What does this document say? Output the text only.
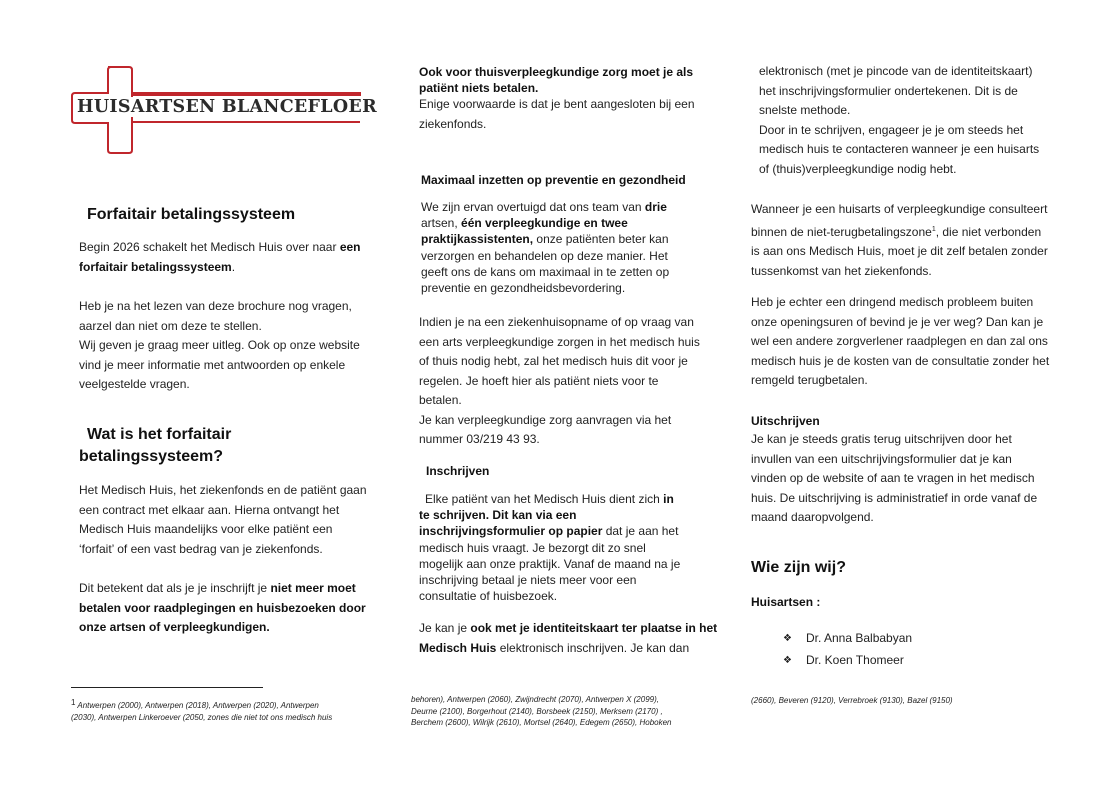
HUISARTSEN BLANCEFLOER
Forfaitair betalingssysteem

Begin 2026 schakelt het Medisch Huis over naar een
forfaitair betalingssysteem.

Heb je na het lezen van deze brochure nog vragen,
aarzel dan niet om deze te stellen.
Wij geven je graag meer uitleg. Ook op onze website
vind je meer informatie met antwoorden op enkele
veelgestelde vragen.

Wat is het forfaitair
betalingssysteem?

Het Medisch Huis, het ziekenfonds en de patiënt gaan
een contract met elkaar aan. Hierna ontvangt het
Medisch Huis maandelijks voor elke patiënt een
‘forfait’ of een vast bedrag van je ziekenfonds.

Dit betekent dat als je je inschrijft je niet meer moet
betalen voor raadplegingen en huisbezoeken door
onze artsen of verpleegkundigen.

$^1$ Antwerpen (2000), Antwerpen (2018), Antwerpen (2020), Antwerpen
(2030), Antwerpen Linkeroever (2050, zones die niet tot ons medisch huis

Ook voor thuisverpleegkundige zorg moet je als
patiënt niets betalen.

Enige voorwaarde is dat je bent aangesloten bij een
ziekenfonds.

Maximaal inzetten op preventie en gezondheid

We zijn ervan overtuigd dat ons team van drie
artsen, één verpleegkundige en twee
praktijkassistenten, onze patiënten beter kan
verzorgen en behandelen op deze manier. Het
geeft ons de kans om maximaal in te zetten op
preventie en gezondheidsbevordering.

Indien je na een ziekenhuisopname of op vraag van
een arts verpleegkundige zorgen in het medisch huis
of thuis nodig hebt, zal het medisch huis dit voor je
regelen. Je hoeft hier als patiënt niets voor te
betalen.
Je kan verpleegkundige zorg aanvragen via het
nummer 03/219 43 93.

Inschrijven

Elke patiënt van het Medisch Huis dient zich in
te schrijven. Dit kan via een
inschrijvingsformulier op papier dat je aan het
medisch huis vraagt. Je bezorgt dit zo snel
mogelijk aan onze praktijk. Vanaf de maand na je
inschrijving betaal je niets meer voor een
consultatie of huisbezoek.

Je kan je ook met je identiteitskaart ter plaatse in het
Medisch Huis elektronisch inschrijven. Je kan dan

behoren), Antwerpen (2060), Zwijndrecht (2070), Antwerpen X (2099),
Deurne (2100), Borgerhout (2140), Borsbeek (2150), Merksem (2170) ,
Berchem (2600), Wilrijk (2610), Mortsel (2640), Edegem (2650), Hoboken

elektronisch (met je pincode van de identiteitskaart)
het inschrijvingsformulier ondertekenen. Dit is de
snelste methode.
Door in te schrijven, engageer je je om steeds het
medisch huis te contacteren wanneer je een huisarts
of (thuis)verpleegkundige nodig hebt.

Wanneer je een huisarts of verpleegkundige consulteert
binnen de niet-terugbetalingszone$^1$, die niet verbonden
is aan ons Medisch Huis, moet je dit zelf betalen zonder
tussenkomst van het ziekenfonds.

Heb je echter een dringend medisch probleem buiten
onze openingsuren of bevind je je ver weg? Dan kan je
wel een andere zorgverlener raadplegen en dan zal ons
medisch huis je de kosten van de consultatie zonder het
remgeld terugbetalen.

Uitschrijven

Je kan je steeds gratis terug uitschrijven door het
invullen van een uitschrijvingsformulier dat je kan
vinden op de website of aan te vragen in het medisch
huis. De uitschrijving is administratief in orde vanaf de
maand daaropvolgend.

Wie zijn wij?
Huisartsen :
❖	Dr. Anna Balbabyan
❖	Dr. Koen Thomeer
(2660), Beveren (9120), Verrebroek (9130), Bazel (9150)
